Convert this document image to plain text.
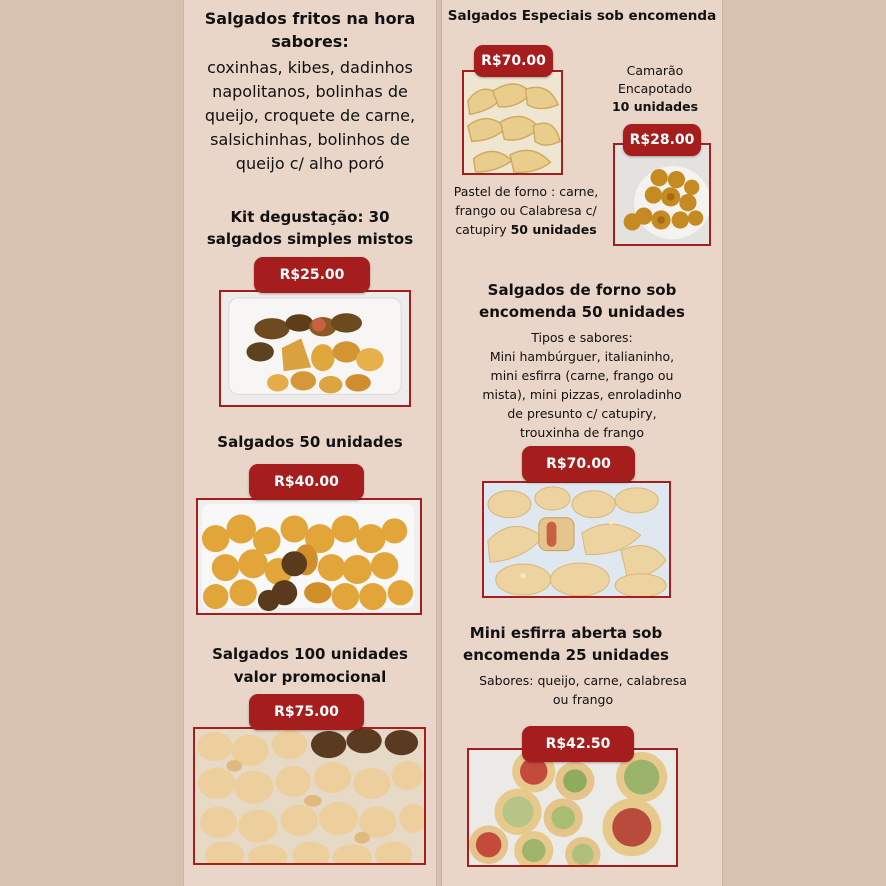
Salgados fritos na hora
sabores:
coxinhas, kibes, dadinhos
napolitanos, bolinhas de
queijo, croquete de carne,
salsichinhas, bolinhos de
queijo c/ alho poró
Kit degustação: 30
salgados simples mistos
R$25.00
Salgados 50 unidades
R$40.00
Salgados 100 unidades
valor promocional
R$75.00
Salgados Especiais sob encomenda
R$70.00
Camarão
Encapotado
10 unidades
R$28.00
Pastel de forno : carne,
frango ou Calabresa c/
catupiry 50 unidades
Salgados de forno sob
encomenda 50 unidades
Tipos e sabores:
Mini hambúrguer, italianinho,
mini esfirra (carne, frango ou
mista), mini pizzas, enroladinho
de presunto c/ catupiry,
trouxinha de frango
R$70.00
Mini esfirra aberta sob
encomenda 25 unidades
Sabores: queijo, carne, calabresa
ou frango
R$42.50
